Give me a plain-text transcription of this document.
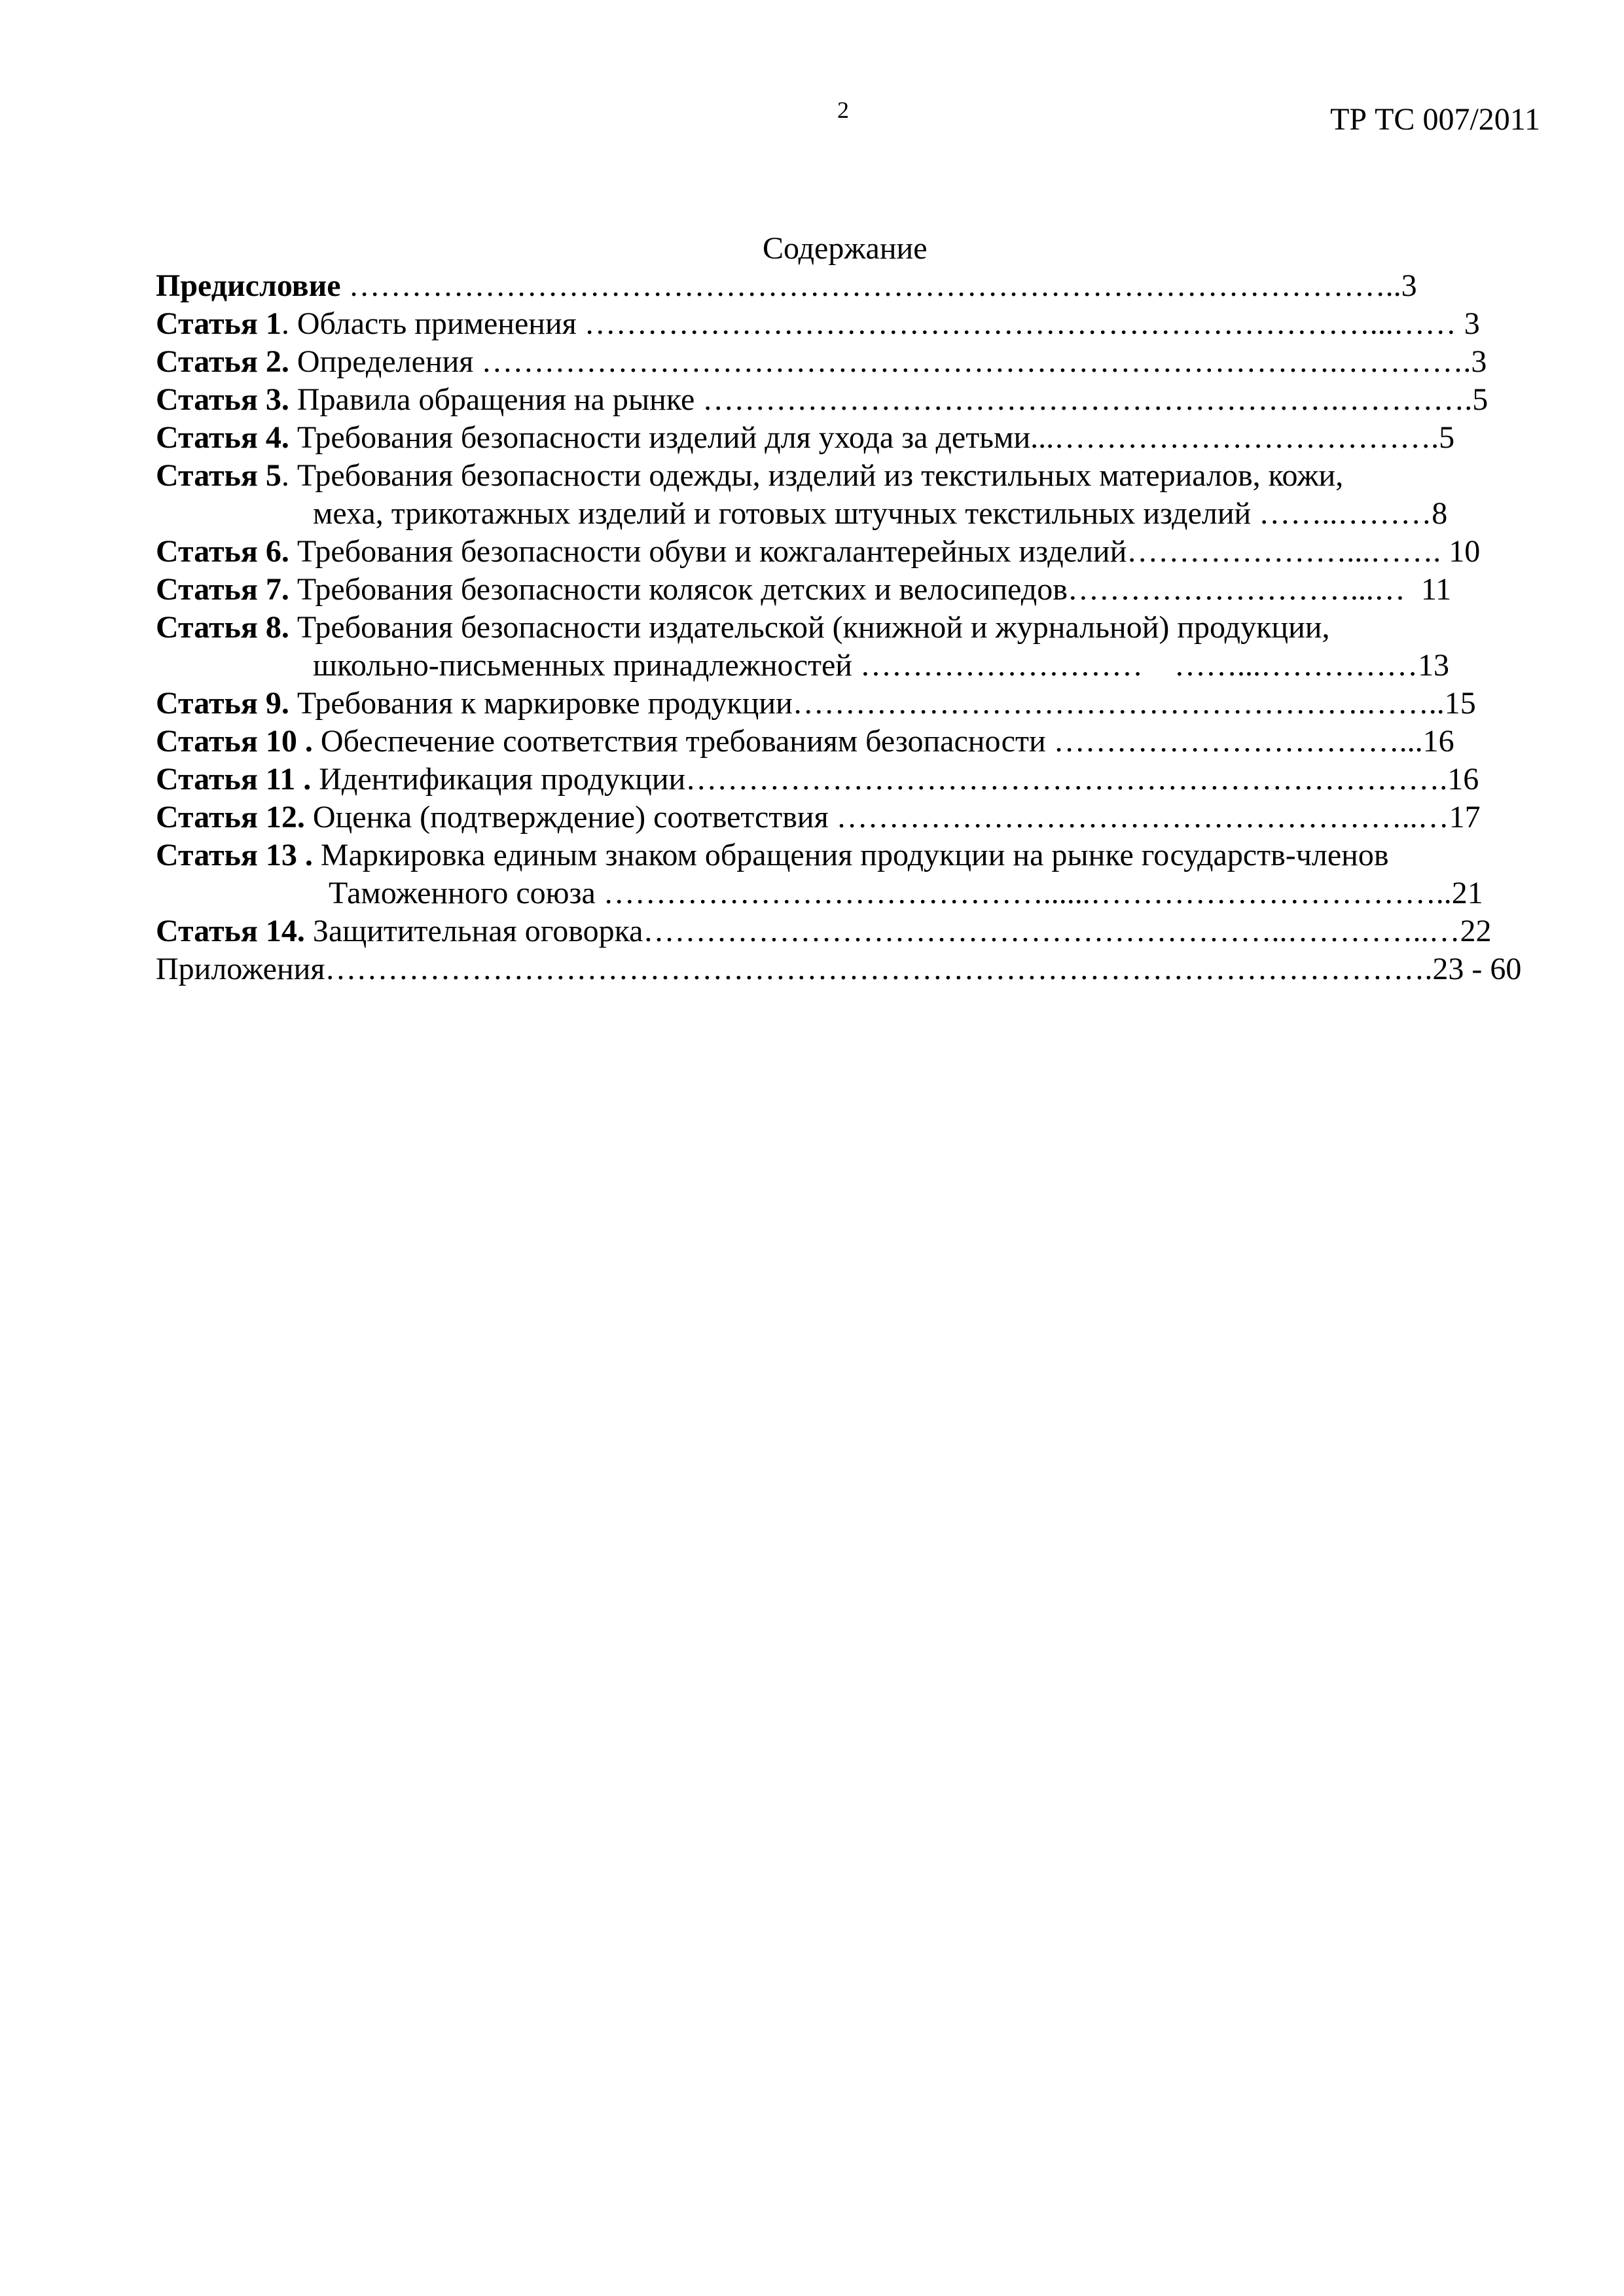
2	ТР ТС 007/2011
Содержание
Предисловие ………………………………………………………………………………………..3
Статья 1. Область применения …………………………………………………………………...…… 3
Статья 2. Определения ……………………………………………………………………….………….3
Статья 3. Правила обращения на рынке …………………………………………………….………….5
Статья 4. Требования безопасности изделий для ухода за детьми...……………………………….5
Статья 5. Требования безопасности одежды, изделий из текстильных материалов, кожи,
меха, трикотажных изделий и готовых штучных текстильных изделий ……..………8
Статья 6. Требования безопасности обуви и кожгалантерейных изделий…………………...……. 10
Статья 7. Требования безопасности колясок детских и велосипедов………………………...…  11
Статья 8. Требования безопасности издательской (книжной и журнальной) продукции,
школьно-письменных принадлежностей ………………………    ……...……………13
Статья 9. Требования к маркировке продукции……………………………………………….……..15
Статья 10 . Обеспечение соответствия требованиям безопасности ……………………………...16
Статья 11 . Идентификация продукции……………………………………………………………….16
Статья 12. Оценка (подтверждение) соответствия ………………………………………………..…17
Статья 13 . Маркировка единым знаком обращения продукции на рынке государств-членов
Таможенного союза ……………………………………......……………………………..21
Статья 14. Защитительная оговорка……………………………………………………..…………..…22
Приложения…………………………………………………………………………………………….23 - 60
